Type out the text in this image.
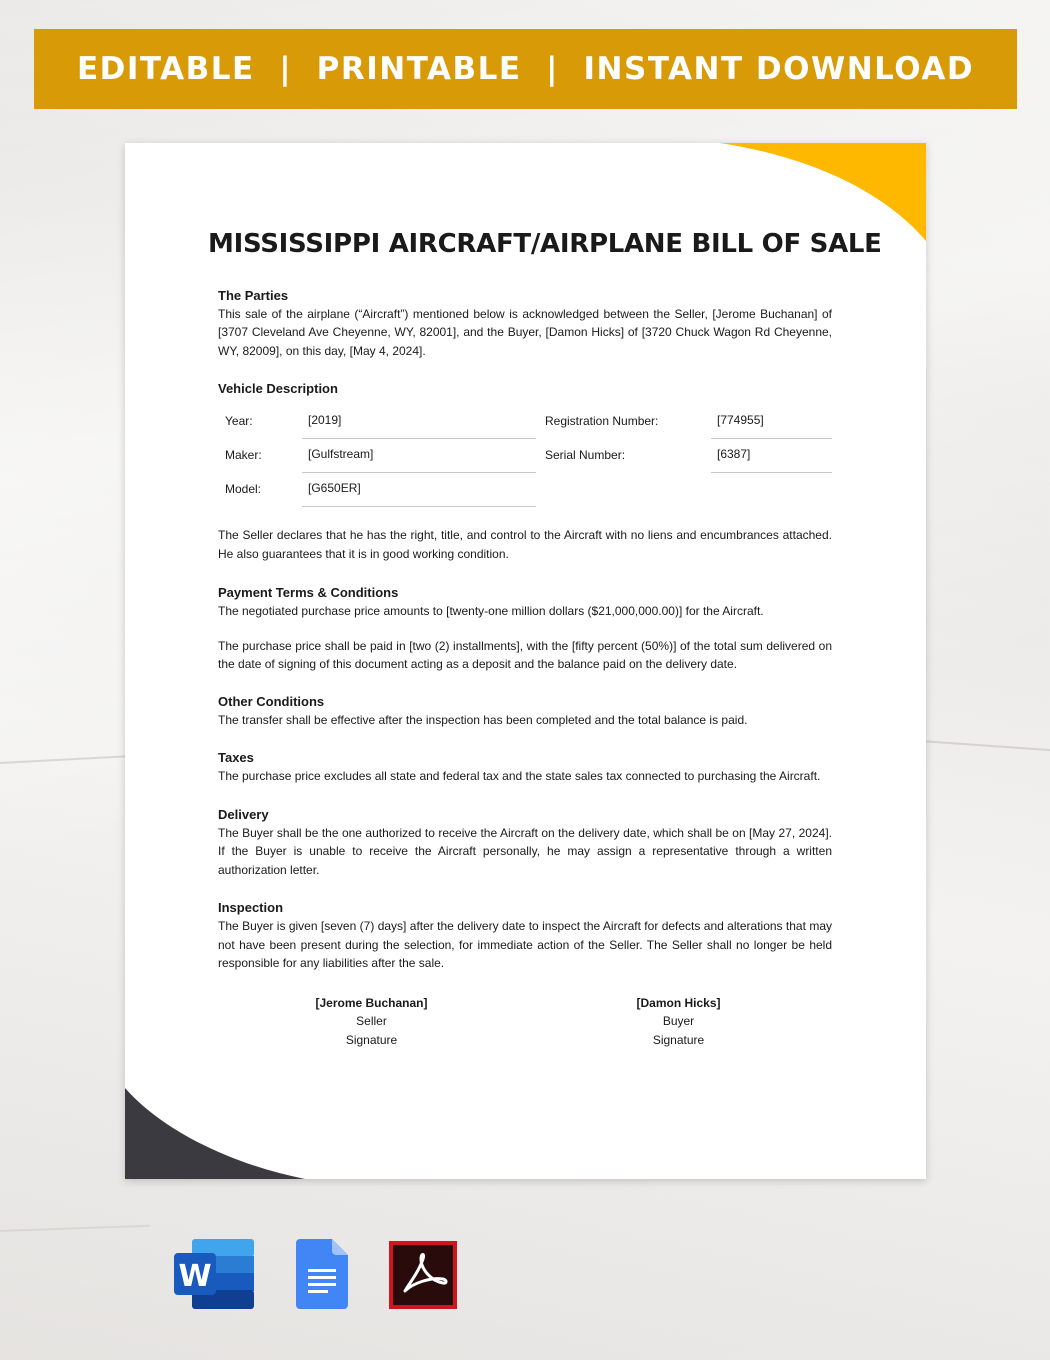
EDITABLE  |  PRINTABLE  |  INSTANT DOWNLOAD
MISSISSIPPI AIRCRAFT/AIRPLANE BILL OF SALE
The Parties

This sale of the airplane (“Aircraft”) mentioned below is acknowledged between the Seller, [Jerome Buchanan] of [3707 Cleveland Ave Cheyenne, WY, 82001], and the Buyer, [Damon Hicks] of [3720 Chuck Wagon Rd Cheyenne, WY, 82009], on this day, [May 4, 2024].

Vehicle Description
Year:	[2019]
Maker:	[Gulfstream]
Model:	[G650ER]
Registration Number:	[774955]
Serial Number:	[6387]

The Seller declares that he has the right, title, and control to the Aircraft with no liens and encumbrances attached. He also guarantees that it is in good working condition.

Payment Terms & Conditions

The negotiated purchase price amounts to [twenty-one million dollars ($21,000,000.00)] for the Aircraft.

The purchase price shall be paid in [two (2) installments], with the [fifty percent (50%)] of the total sum delivered on the date of signing of this document acting as a deposit and the balance paid on the delivery date.

Other Conditions

The transfer shall be effective after the inspection has been completed and the total balance is paid.

Taxes

The purchase price excludes all state and federal tax and the state sales tax connected to purchasing the Aircraft.

Delivery

The Buyer shall be the one authorized to receive the Aircraft on the delivery date, which shall be on [May 27, 2024]. If the Buyer is unable to receive the Aircraft personally, he may assign a representative through a written authorization letter.

Inspection

The Buyer is given [seven (7) days] after the delivery date to inspect the Aircraft for defects and alterations that may not have been present during the selection, for immediate action of the Seller. The Seller shall no longer be held responsible for any liabilities after the sale.

[Jerome Buchanan]
Seller
Signature
[Damon Hicks]
Buyer
Signature
W
